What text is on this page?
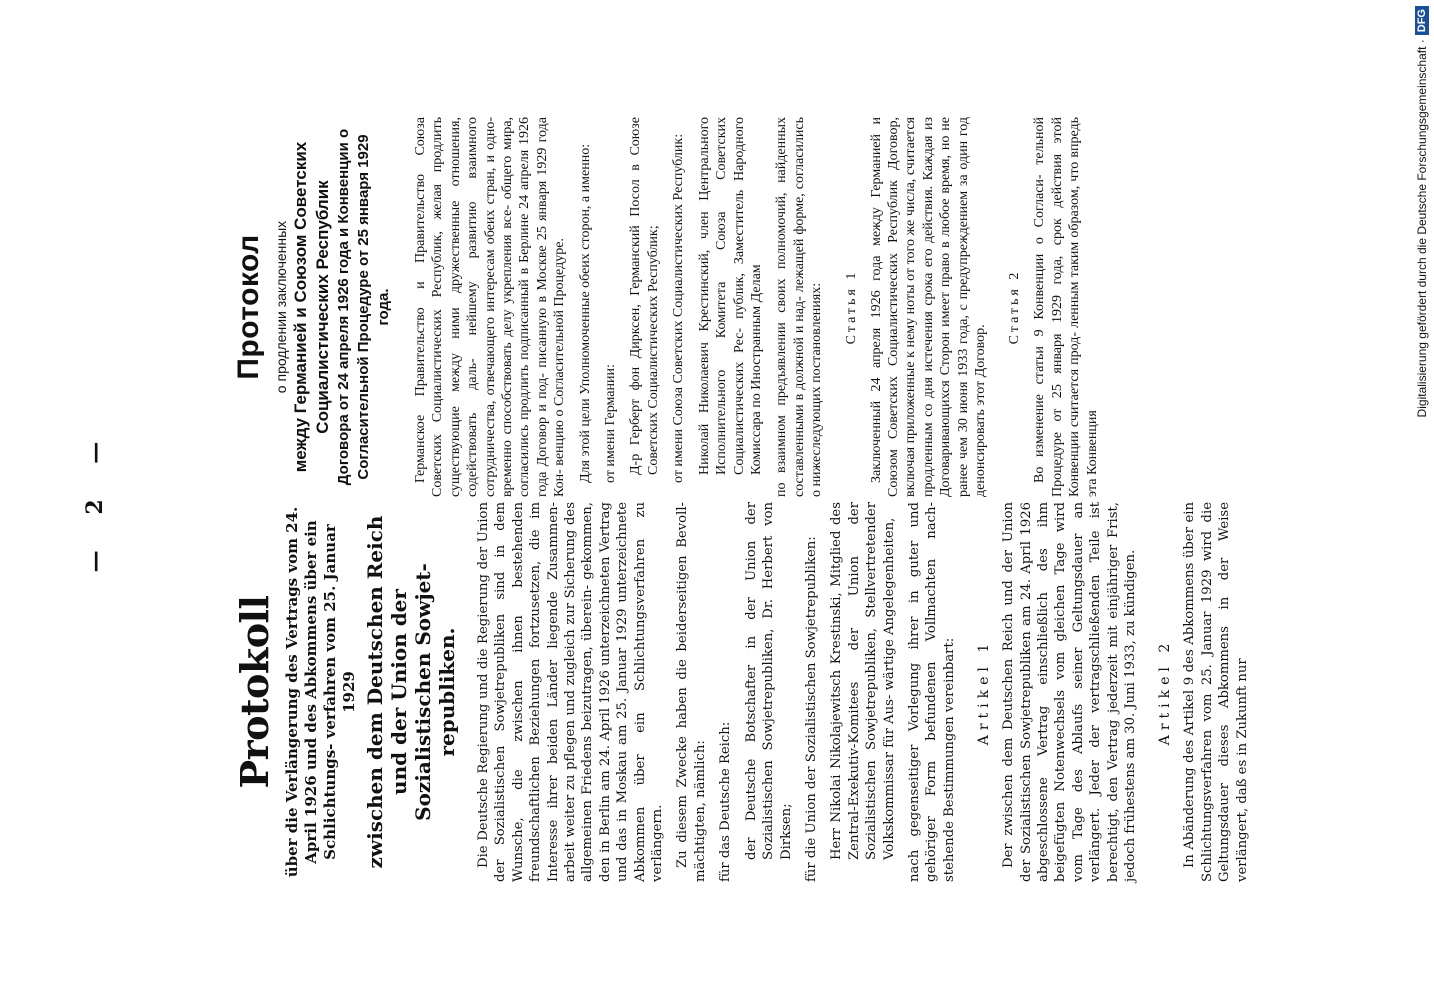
— 2 —
Protokoll über die Verlängerung des Vertrags vom 24. April 1926 und des Abkommens über ein Schlichtungs- verfahren vom 25. Januar 1929 zwischen dem Deutschen Reich und der Union der Sozialistischen Sowjet- republiken. Die Deutsche Regierung und die Regierung der Union der Sozialistischen Sowjetrepubliken sind in dem Wunsche, die zwischen ihnen bestehenden freundschaftlichen Beziehungen fortzusetzen, die im Interesse ihrer beiden Länder liegende Zusammen- arbeit weiter zu pflegen und zugleich zur Sicherung des allgemeinen Friedens beizutragen, überein- gekommen, den in Berlin am 24. April 1926 unterzeichneten Vertrag und das in Moskau am 25. Januar 1929 unterzeichnete Abkommen über ein Schlichtungsverfahren zu verlängern. Zu diesem Zwecke haben die beiderseitigen Bevoll- mächtigten, nämlich: für das Deutsche Reich: der Deutsche Botschafter in der Union der Sozialistischen Sowjetrepubliken, Dr. Herbert von Dirksen; für die Union der Sozialistischen Sowjetrepubliken: Herr Nikolai Nikolajewitsch Krestinski, Mitglied des Zentral-Exekutiv-Komitees der Union der Sozialistischen Sowjetrepubliken, Stellvertretender Volkskommissar für Aus- wärtige Angelegenheiten, nach gegenseitiger Vorlegung ihrer in guter und gehöriger Form befundenen Vollmachten nach- stehende Bestimmungen vereinbart: Artikel 1 Der zwischen dem Deutschen Reich und der Union der Sozialistischen Sowjetrepubliken am 24. April 1926 abgeschlossene Vertrag einschließlich des ihm beigefügten Notenwechsels vom gleichen Tage wird vom Tage des Ablaufs seiner Geltungsdauer an verlängert. Jeder der vertragschließenden Teile ist berechtigt, den Vertrag jederzeit mit einjähriger Frist, jedoch frühestens am 30. Juni 1933, zu kündigen. Artikel 2 In Abänderung des Artikel 9 des Abkommens über ein Schlichtungsverfahren vom 25. Januar 1929 wird die Geltungsdauer dieses Abkommens in der Weise verlängert, daß es in Zukunft nur

Протокол о продлении заключенных между Германией и Союзом Советских Социалистических Республик Договора от 24 апреля 1926 года и Конвенции о Согласительной Процедуре от 25 января 1929 года. Германское Правительство и Правительство Союза Советских Социалистических Республик, желая продлить существующие между ними дружественные отношения, содействовать даль- нейшему развитию взаимного сотрудничества, отвечающего интересам обеих стран, и одно- временно способствовать делу укрепления все- общего мира, согласились продлить подписанный в Берлине 24 апреля 1926 года Договор и под- писанную в Москве 25 января 1929 года Кон- венцию о Согласительной Процедуре. Для этой цели Уполномоченные обеих сторон, а именно: от имени Германии: Д-р Герберт фон Дирксен, Германский Посол в Союзе Советских Социалистических Республик; от имени Союза Советских Социалистических Республик: Николай Николаевич Крестинский, член Центрального Исполнительного Комитета Союза Советских Социалистических Рес- публик, Заместитель Народного Комиссара по Иностранным Делам по взаимном предъявлении своих полномочий, найденных составленными в должной и над- лежащей форме, согласились о нижеследующих постановлениях: Статья 1 Заключенный 24 апреля 1926 года между Германией и Союзом Советских Социалистических Республик Договор, включая приложенные к нему ноты от того же числа, считается продленным со дня истечения срока его действия. Каждая из Договаривающихся Сторон имеет право в любое время, но не ранее чем 30 июня 1933 года, с предупреждением за один год денонсировать этот Договор.

Статья 2 Во изменение статьи 9 Конвенции о Согласи- тельной Процедуре от 25 января 1929 года, срок действия этой Конвенции считается прод- ленным таким образом, что впредь эта Конвенция

Digitalisierung gefördert durch die Deutsche Forschungsgemeinschaft ·
DFG
